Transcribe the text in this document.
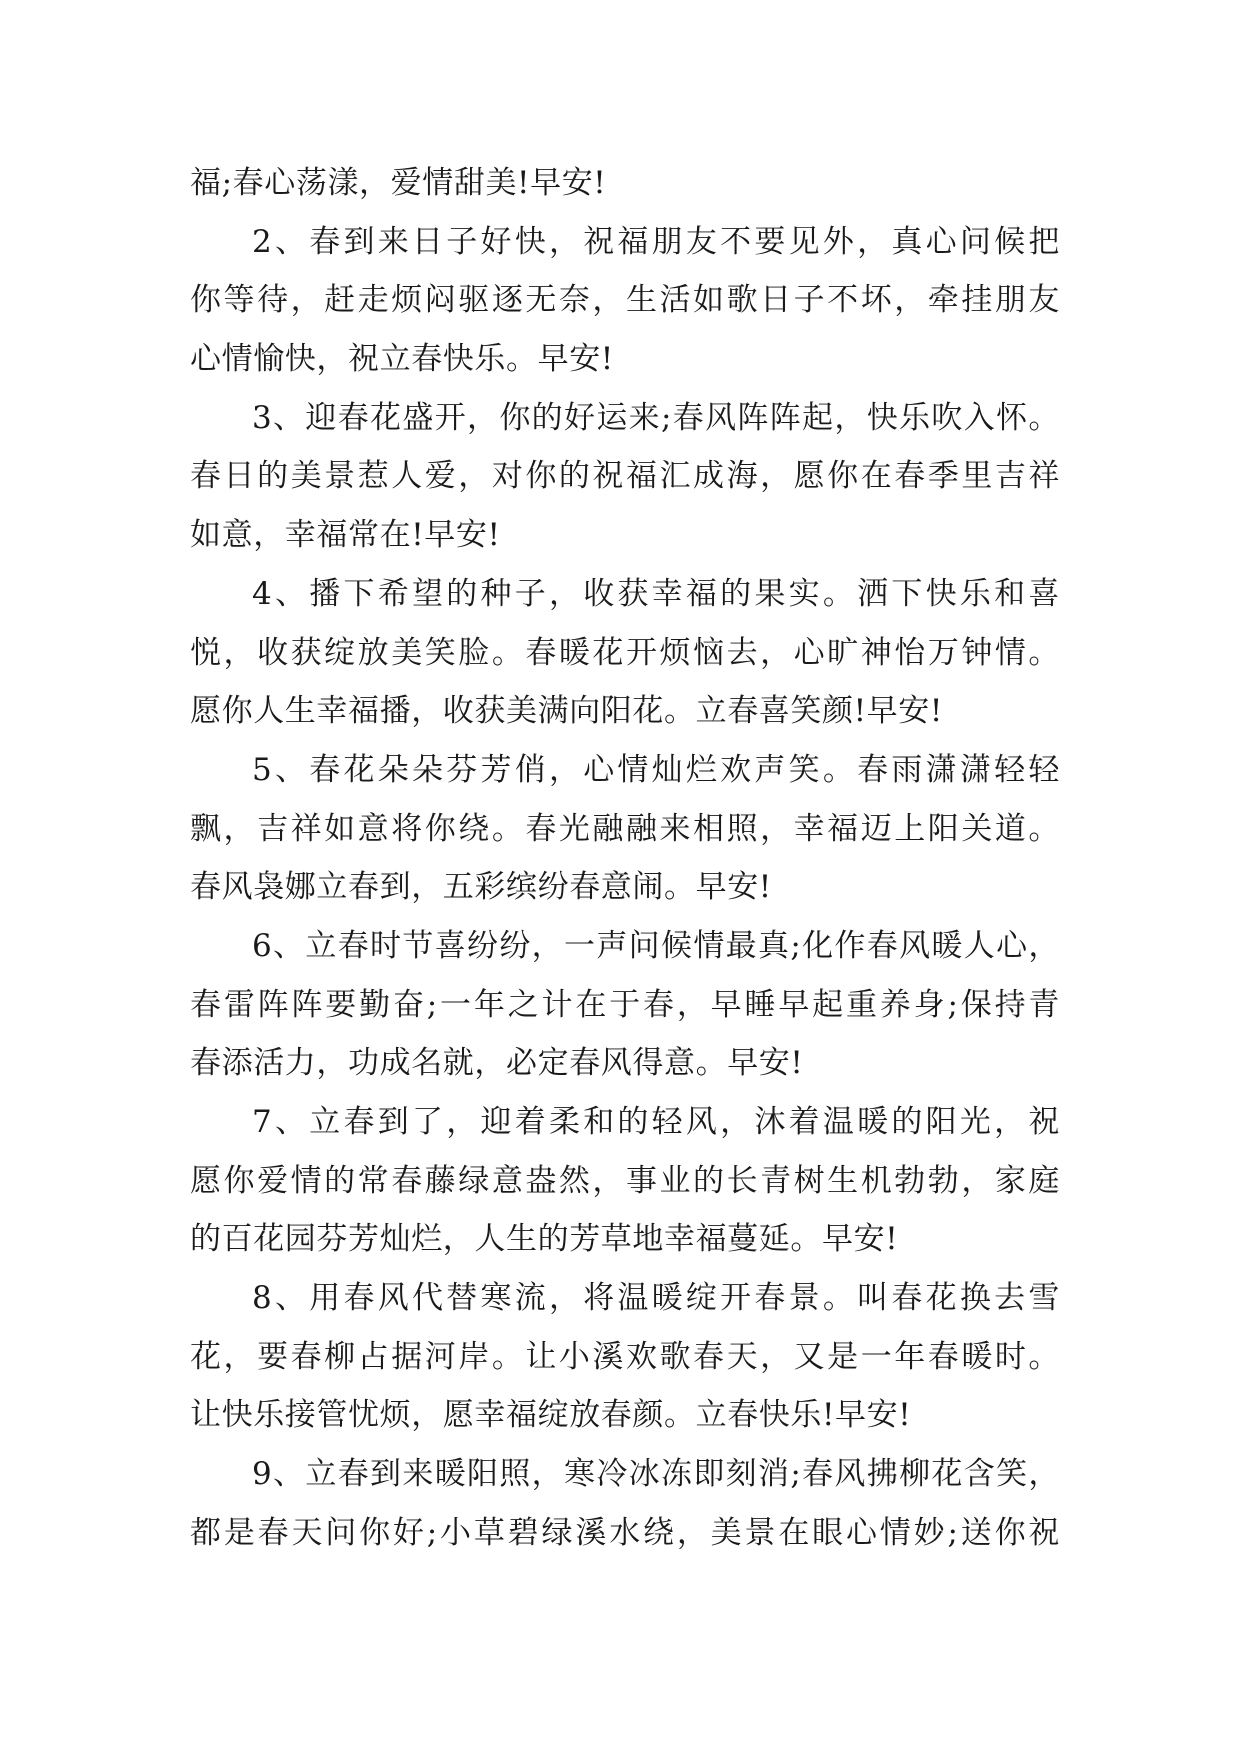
福;春心荡漾，爱情甜美!早安!
2、春到来日子好快，祝福朋友不要见外，真心问候把
你等待，赶走烦闷驱逐无奈，生活如歌日子不坏，牵挂朋友
心情愉快，祝立春快乐。早安!
3、迎春花盛开，你的好运来;春风阵阵起，快乐吹入怀。
春日的美景惹人爱，对你的祝福汇成海，愿你在春季里吉祥
如意，幸福常在!早安!
4、播下希望的种子，收获幸福的果实。洒下快乐和喜
悦，收获绽放美笑脸。春暖花开烦恼去，心旷神怡万钟情。
愿你人生幸福播，收获美满向阳花。立春喜笑颜!早安!
5、春花朵朵芬芳俏，心情灿烂欢声笑。春雨潇潇轻轻
飘，吉祥如意将你绕。春光融融来相照，幸福迈上阳关道。
春风袅娜立春到，五彩缤纷春意闹。早安!
6、立春时节喜纷纷，一声问候情最真;化作春风暖人心，
春雷阵阵要勤奋;一年之计在于春，早睡早起重养身;保持青
春添活力，功成名就，必定春风得意。早安!
7、立春到了，迎着柔和的轻风，沐着温暖的阳光，祝
愿你爱情的常春藤绿意盎然，事业的长青树生机勃勃，家庭
的百花园芬芳灿烂，人生的芳草地幸福蔓延。早安!
8、用春风代替寒流，将温暖绽开春景。叫春花换去雪
花，要春柳占据河岸。让小溪欢歌春天，又是一年春暖时。
让快乐接管忧烦，愿幸福绽放春颜。立春快乐!早安!
9、立春到来暖阳照，寒冷冰冻即刻消;春风拂柳花含笑，
都是春天问你好;小草碧绿溪水绕，美景在眼心情妙;送你祝
